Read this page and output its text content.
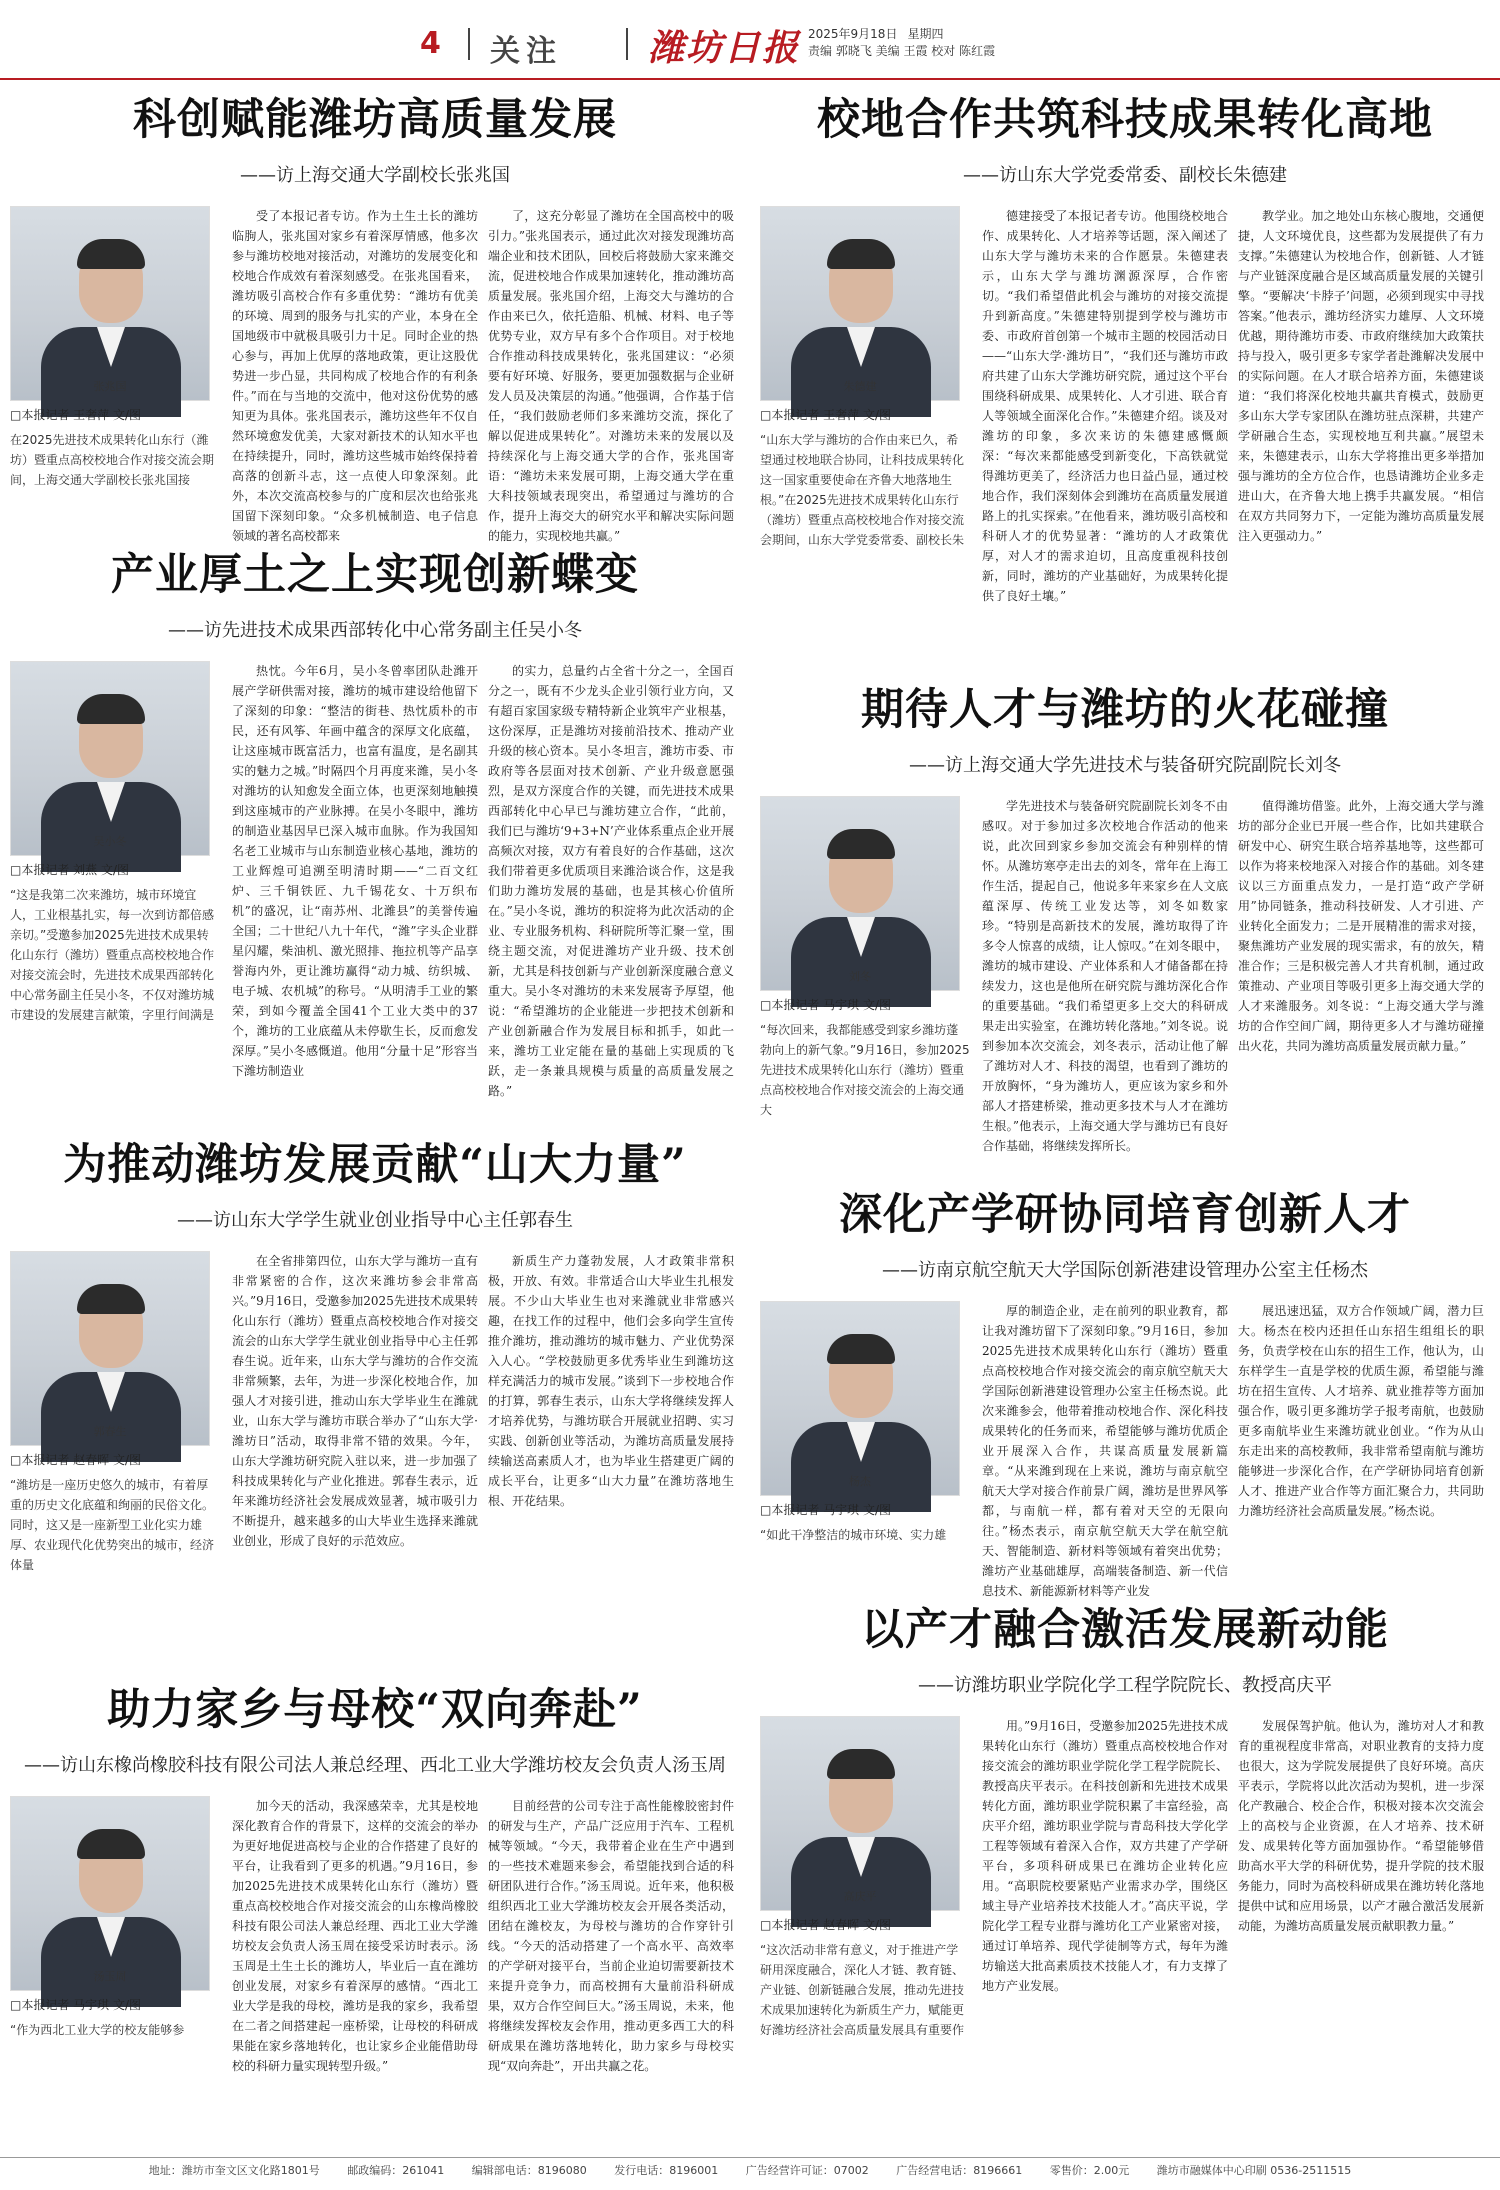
4 关注 潍坊日报 2025年9月18日 星期四
责编 郭晓飞 美编 王霞 校对 陈红霞
科创赋能潍坊高质量发展
——访上海交通大学副校长张兆国
张兆国
□本报记者 王奢萍 文/图
在2025先进技术成果转化山东行（潍坊）暨重点高校校地合作对接交流会期间，上海交通大学副校长张兆国接

受了本报记者专访。作为土生土长的潍坊临朐人，张兆国对家乡有着深厚情感，他多次参与潍坊校地对接活动，对潍坊的发展变化和校地合作成效有着深刻感受。在张兆国看来，潍坊吸引高校合作有多重优势：“潍坊有优美的环境、周到的服务与扎实的产业，本身在全国地级市中就极具吸引力十足。同时企业的热心参与，再加上优厚的落地政策，更让这股优势进一步凸显，共同构成了校地合作的有利条件。”而在与当地的交流中，他对这份优势的感知更为具体。张兆国表示，潍坊这些年不仅自然环境愈发优美，大家对新技术的认知水平也在持续提升，同时，潍坊这些城市始终保持着高落的创新斗志，这一点使人印象深刻。此外，本次交流高校参与的广度和层次也给张兆国留下深刻印象。“众多机械制造、电子信息领域的著名高校都来

了，这充分彰显了潍坊在全国高校中的吸引力。”张兆国表示，通过此次对接发现潍坊高端企业和技术团队，回校后将鼓励大家来潍交流，促进校地合作成果加速转化，推动潍坊高质量发展。张兆国介绍，上海交大与潍坊的合作由来已久，依托造船、机械、材料、电子等优势专业，双方早有多个合作项目。对于校地合作推动科技成果转化，张兆国建议：“必须要有好环境、好服务，要更加强数据与企业研发人员及决策层的沟通。”他强调，合作基于信任，“我们鼓励老师们多来潍坊交流，探化了解以促进成果转化”。对潍坊未来的发展以及持续深化与上海交通大学的合作，张兆国寄语：“潍坊未来发展可期，上海交通大学在重大科技领域表现突出，希望通过与潍坊的合作，提升上海交大的研究水平和解决实际问题的能力，实现校地共赢。”

校地合作共筑科技成果转化高地
——访山东大学党委常委、副校长朱德建
朱德建
□本报记者 王奢萍 文/图
“山东大学与潍坊的合作由来已久，希望通过校地联合协同，让科技成果转化这一国家重要使命在齐鲁大地落地生根。”在2025先进技术成果转化山东行（潍坊）暨重点高校校地合作对接交流会期间，山东大学党委常委、副校长朱

德建接受了本报记者专访。他围绕校地合作、成果转化、人才培养等话题，深入阐述了山东大学与潍坊未来的合作愿景。朱德建表示，山东大学与潍坊渊源深厚，合作密切。“我们希望借此机会与潍坊的对接交流提升到新高度。”朱德建特别提到学校与潍坊市委、市政府首创第一个城市主题的校园活动日——“山东大学·潍坊日”，“我们还与潍坊市政府共建了山东大学潍坊研究院，通过这个平台围绕科研成果、成果转化、人才引进、联合育人等领域全面深化合作。”朱德建介绍。谈及对潍坊的印象，多次来访的朱德建感慨颇深：“每次来都能感受到新变化，下高铁就觉得潍坊更美了，经济活力也日益凸显，通过校地合作，我们深刻体会到潍坊在高质量发展道路上的扎实探索。”在他看来，潍坊吸引高校和科研人才的优势显著：“潍坊的人才政策优厚，对人才的需求迫切，且高度重视科技创新，同时，潍坊的产业基础好，为成果转化提供了良好土壤。”

教学业。加之地处山东核心腹地，交通便捷，人文环境优良，这些都为发展提供了有力支撑。”朱德建认为校地合作，创新链、人才链与产业链深度融合是区域高质量发展的关键引擎。“要解决‘卡脖子’问题，必须到现实中寻找答案。”他表示，潍坊经济实力雄厚、人文环境优越，期待潍坊市委、市政府继续加大政策扶持与投入，吸引更多专家学者赴潍解决发展中的实际问题。在人才联合培养方面，朱德建谈道：“我们将深化校地共赢共育模式，鼓励更多山东大学专家团队在潍坊驻点深耕，共建产学研融合生态，实现校地互利共赢。”展望未来，朱德建表示，山东大学将推出更多举措加强与潍坊的全方位合作，也恳请潍坊企业多走进山大，在齐鲁大地上携手共赢发展。“相信在双方共同努力下，一定能为潍坊高质量发展注入更强动力。”

产业厚土之上实现创新蝶变
——访先进技术成果西部转化中心常务副主任吴小冬
吴小冬
□本报记者 刘燕 文/图
“这是我第二次来潍坊，城市环境宜人，工业根基扎实，每一次到访都倍感亲切。”受邀参加2025先进技术成果转化山东行（潍坊）暨重点高校校地合作对接交流会时，先进技术成果西部转化中心常务副主任吴小冬，不仅对潍坊城市建设的发展建言献策，字里行间满是

热忱。今年6月，吴小冬曾率团队赴潍开展产学研供需对接，潍坊的城市建设给他留下了深刻的印象：“整洁的街巷、热忱质朴的市民，还有风筝、年画中蕴含的深厚文化底蕴，让这座城市既富活力，也富有温度，是名副其实的魅力之城。”时隔四个月再度来潍，吴小冬对潍坊的认知愈发全面立体，也更深刻地触摸到这座城市的产业脉搏。在吴小冬眼中，潍坊的制造业基因早已深入城市血脉。作为我国知名老工业城市与山东制造业核心基地，潍坊的工业辉煌可追溯至明清时期——“二百文红炉、三千铜铁匠、九千锡花女、十万织布机”的盛况，让“南苏州、北潍县”的美誉传遍全国；二十世纪八九十年代，“潍”字头企业群星闪耀，柴油机、激光照排、拖拉机等产品享誉海内外，更让潍坊赢得“动力城、纺织城、电子城、农机城”的称号。“从明清手工业的繁荣，到如今覆盖全国41个工业大类中的37个，潍坊的工业底蕴从未停歇生长，反而愈发深厚。”吴小冬感慨道。他用“分量十足”形容当下潍坊制造业

的实力，总量约占全省十分之一，全国百分之一，既有不少龙头企业引领行业方向，又有超百家国家级专精特新企业筑牢产业根基，这份深厚，正是潍坊对接前沿技术、推动产业升级的核心资本。吴小冬坦言，潍坊市委、市政府等各层面对技术创新、产业升级意愿强烈，是双方深度合作的关键，而先进技术成果西部转化中心早已与潍坊建立合作，“此前，我们已与潍坊‘9+3+N’产业体系重点企业开展高频次对接，双方有着良好的合作基础，这次我们带着更多优质项目来潍洽谈合作，这是我们助力潍坊发展的基础，也是其核心价值所在。”吴小冬说，潍坊的积淀将为此次活动的企业、专业服务机构、科研院所等汇聚一堂，围绕主题交流，对促进潍坊产业升级、技术创新，尤其是科技创新与产业创新深度融合意义重大。吴小冬对潍坊的未来发展寄予厚望，他说：“希望潍坊的企业能进一步把技术创新和产业创新融合作为发展目标和抓手，如此一来，潍坊工业定能在量的基础上实现质的飞跃，走一条兼具规模与质量的高质量发展之路。”

期待人才与潍坊的火花碰撞
——访上海交通大学先进技术与装备研究院副院长刘冬
刘冬
□本报记者 马宇琪 文/图
“每次回来，我都能感受到家乡潍坊蓬勃向上的新气象。”9月16日，参加2025先进技术成果转化山东行（潍坊）暨重点高校校地合作对接交流会的上海交通大

学先进技术与装备研究院副院长刘冬不由感叹。对于参加过多次校地合作活动的他来说，此次回到家乡参加交流会有种别样的情怀。从潍坊寒亭走出去的刘冬，常年在上海工作生活，提起自己，他说多年来家乡在人文底蕴深厚、传统工业发达等，刘冬如数家珍。“特别是高新技术的发展，潍坊取得了许多令人惊喜的成绩，让人惊叹。”在刘冬眼中，潍坊的城市建设、产业体系和人才储备都在持续发力，这也是他所在研究院与潍坊深化合作的重要基础。“我们希望更多上交大的科研成果走出实验室，在潍坊转化落地。”刘冬说。说到参加本次交流会，刘冬表示，活动让他了解了潍坊对人才、科技的渴望，也看到了潍坊的开放胸怀，“身为潍坊人，更应该为家乡和外部人才搭建桥梁，推动更多技术与人才在潍坊生根。”他表示，上海交通大学与潍坊已有良好合作基础，将继续发挥所长。

值得潍坊借鉴。此外，上海交通大学与潍坊的部分企业已开展一些合作，比如共建联合研发中心、研究生联合培养基地等，这些都可以作为将来校地深入对接合作的基础。刘冬建议以三方面重点发力，一是打造“政产学研用”协同链条，推动科技研发、人才引进、产业转化全面发力；二是开展精准的需求对接，聚焦潍坊产业发展的现实需求，有的放矢，精准合作；三是积极完善人才共育机制，通过政策推动、产业项目等吸引更多上海交通大学的人才来潍服务。刘冬说：“上海交通大学与潍坊的合作空间广阔，期待更多人才与潍坊碰撞出火花，共同为潍坊高质量发展贡献力量。”

为推动潍坊发展贡献“山大力量”
——访山东大学学生就业创业指导中心主任郭春生
郭春生
□本报记者 赵春晖 文/图
“潍坊是一座历史悠久的城市，有着厚重的历史文化底蕴和绚丽的民俗文化。同时，这又是一座新型工业化实力雄厚、农业现代化优势突出的城市，经济体量

在全省排第四位，山东大学与潍坊一直有非常紧密的合作，这次来潍坊参会非常高兴。”9月16日，受邀参加2025先进技术成果转化山东行（潍坊）暨重点高校校地合作对接交流会的山东大学学生就业创业指导中心主任郭春生说。近年来，山东大学与潍坊的合作交流非常频繁，去年，为进一步深化校地合作，加强人才对接引进，推动山东大学毕业生在潍就业，山东大学与潍坊市联合举办了“山东大学·潍坊日”活动，取得非常不错的效果。今年，山东大学潍坊研究院入驻以来，进一步加强了科技成果转化与产业化推进。郭春生表示，近年来潍坊经济社会发展成效显著，城市吸引力不断提升，越来越多的山大毕业生选择来潍就业创业，形成了良好的示范效应。

新质生产力蓬勃发展，人才政策非常积极，开放、有效。非常适合山大毕业生扎根发展。不少山大毕业生也对来潍就业非常感兴趣，在找工作的过程中，他们会多向学生宣传推介潍坊，推动潍坊的城市魅力、产业优势深入人心。“学校鼓励更多优秀毕业生到潍坊这样充满活力的城市发展。”谈到下一步校地合作的打算，郭春生表示，山东大学将继续发挥人才培养优势，与潍坊联合开展就业招聘、实习实践、创新创业等活动，为潍坊高质量发展持续输送高素质人才，也为毕业生搭建更广阔的成长平台，让更多“山大力量”在潍坊落地生根、开花结果。

深化产学研协同培育创新人才
——访南京航空航天大学国际创新港建设管理办公室主任杨杰
杨杰
□本报记者 马宇琪 文/图
“如此干净整洁的城市环境、实力雄

厚的制造企业，走在前列的职业教育，都让我对潍坊留下了深刻印象。”9月16日，参加2025先进技术成果转化山东行（潍坊）暨重点高校校地合作对接交流会的南京航空航天大学国际创新港建设管理办公室主任杨杰说。此次来潍参会，他带着推动校地合作、深化科技成果转化的任务而来，希望能够与潍坊优质企业开展深入合作，共谋高质量发展新篇章。“从来潍到现在上来说，潍坊与南京航空航天大学对接合作前景广阔，潍坊是世界风筝都，与南航一样，都有着对天空的无限向往。”杨杰表示，南京航空航天大学在航空航天、智能制造、新材料等领域有着突出优势；潍坊产业基础雄厚，高端装备制造、新一代信息技术、新能源新材料等产业发

展迅速迅猛，双方合作领域广阔，潜力巨大。杨杰在校内还担任山东招生组组长的职务，负责学校在山东的招生工作，他认为，山东样学生一直是学校的优质生源，希望能与潍坊在招生宣传、人才培养、就业推荐等方面加强合作，吸引更多潍坊学子报考南航，也鼓励更多南航毕业生来潍坊就业创业。“作为从山东走出来的高校教师，我非常希望南航与潍坊能够进一步深化合作，在产学研协同培育创新人才、推进产业合作等方面汇聚合力，共同助力潍坊经济社会高质量发展。”杨杰说。

助力家乡与母校“双向奔赴”
——访山东橡尚橡胶科技有限公司法人兼总经理、西北工业大学潍坊校友会负责人汤玉周
汤玉周
□本报记者 马宇琪 文/图
“作为西北工业大学的校友能够参

加今天的活动，我深感荣幸，尤其是校地深化教育合作的背景下，这样的交流会的举办为更好地促进高校与企业的合作搭建了良好的平台，让我看到了更多的机遇。”9月16日，参加2025先进技术成果转化山东行（潍坊）暨重点高校校地合作对接交流会的山东橡尚橡胶科技有限公司法人兼总经理、西北工业大学潍坊校友会负责人汤玉周在接受采访时表示。汤玉周是土生土长的潍坊人，毕业后一直在潍坊创业发展，对家乡有着深厚的感情。“西北工业大学是我的母校，潍坊是我的家乡，我希望在二者之间搭建起一座桥梁，让母校的科研成果能在家乡落地转化，也让家乡企业能借助母校的科研力量实现转型升级。”

目前经营的公司专注于高性能橡胶密封件的研发与生产，产品广泛应用于汽车、工程机械等领域。“今天，我带着企业在生产中遇到的一些技术难题来参会，希望能找到合适的科研团队进行合作。”汤玉周说。近年来，他积极组织西北工业大学潍坊校友会开展各类活动，团结在潍校友，为母校与潍坊的合作穿针引线。“今天的活动搭建了一个高水平、高效率的产学研对接平台，当前企业迫切需要新技术来提升竞争力，而高校拥有大量前沿科研成果，双方合作空间巨大。”汤玉周说，未来，他将继续发挥校友会作用，推动更多西工大的科研成果在潍坊落地转化，助力家乡与母校实现“双向奔赴”，开出共赢之花。

以产才融合激活发展新动能
——访潍坊职业学院化学工程学院院长、教授高庆平
高庆平
□本报记者 赵春晖 文/图
“这次活动非常有意义，对于推进产学研用深度融合，深化人才链、教育链、产业链、创新链融合发展，推动先进技术成果加速转化为新质生产力，赋能更好潍坊经济社会高质量发展具有重要作

用。”9月16日，受邀参加2025先进技术成果转化山东行（潍坊）暨重点高校校地合作对接交流会的潍坊职业学院化学工程学院院长、教授高庆平表示。在科技创新和先进技术成果转化方面，潍坊职业学院积累了丰富经验，高庆平介绍，潍坊职业学院与青岛科技大学化学工程等领域有着深入合作，双方共建了产学研平台，多项科研成果已在潍坊企业转化应用。“高职院校要紧贴产业需求办学，围绕区域主导产业培养技术技能人才。”高庆平说，学院化学工程专业群与潍坊化工产业紧密对接，通过订单培养、现代学徒制等方式，每年为潍坊输送大批高素质技术技能人才，有力支撑了地方产业发展。

发展保驾护航。他认为，潍坊对人才和教育的重视程度非常高，对职业教育的支持力度也很大，这为学院发展提供了良好环境。高庆平表示，学院将以此次活动为契机，进一步深化产教融合、校企合作，积极对接本次交流会上的高校与企业资源，在人才培养、技术研发、成果转化等方面加强协作。“希望能够借助高水平大学的科研优势，提升学院的技术服务能力，同时为高校科研成果在潍坊转化落地提供中试和应用场景，以产才融合激活发展新动能，为潍坊高质量发展贡献职教力量。”

地址：潍坊市奎文区文化路1801号	邮政编码：261041	编辑部电话：8196080	发行电话：8196001	广告经营许可证：07002	广告经营电话：8196661	零售价：2.00元	潍坊市融媒体中心印刷 0536-2511515
